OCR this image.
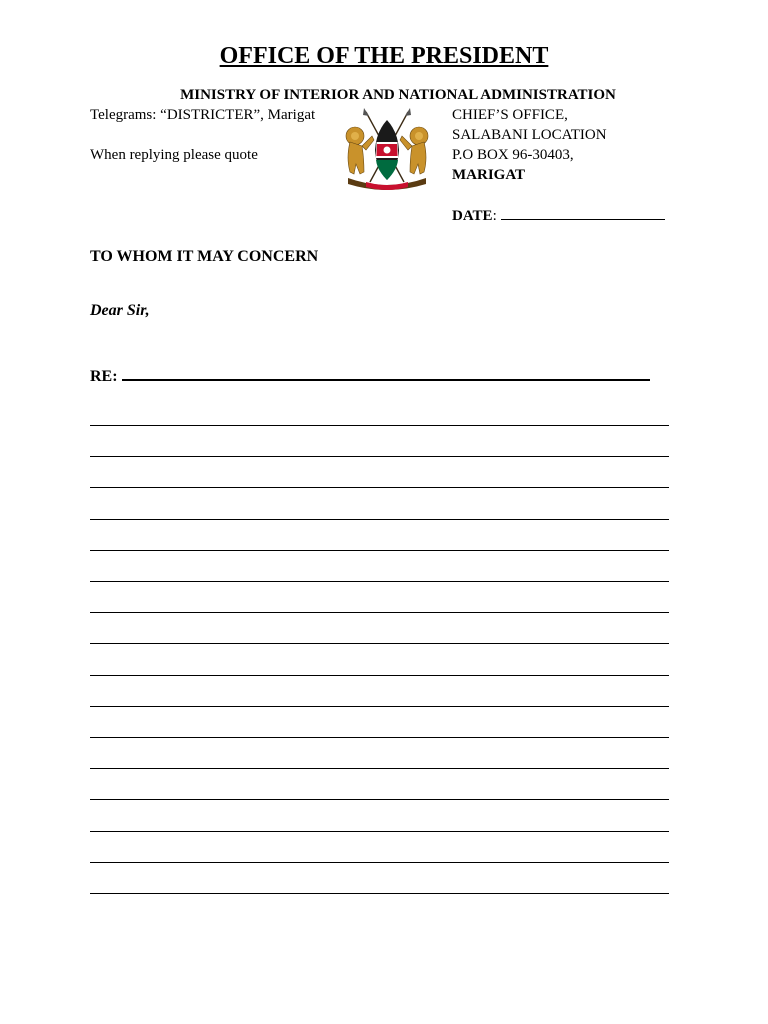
OFFICE OF THE PRESIDENT
MINISTRY OF INTERIOR AND NATIONAL ADMINISTRATION
Telegrams: “DISTRICTER”, Marigat
When replying please quote
CHIEF’S OFFICE,
SALABANI LOCATION
P.O BOX 96-30403,
MARIGAT
DATE:
TO WHOM IT MAY CONCERN
Dear Sir,
RE:
